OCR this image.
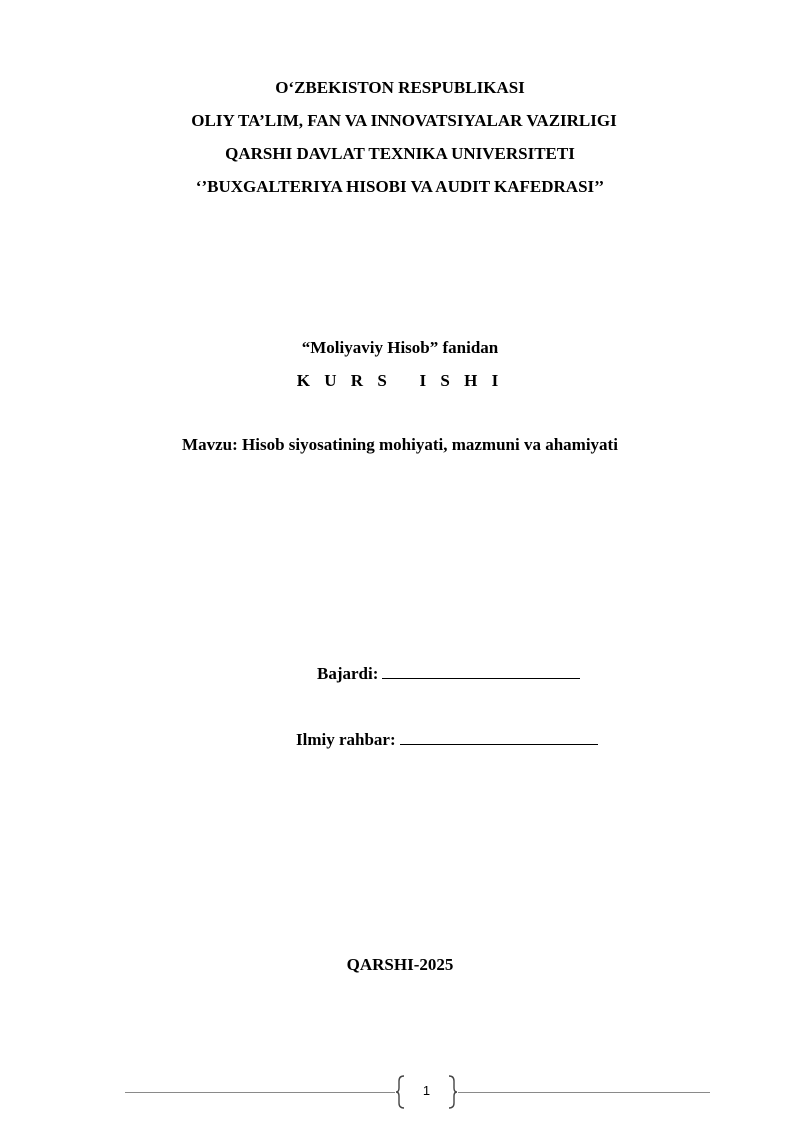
O‘ZBEKISTON RESPUBLIKASI
OLIY TA’LIM, FAN VA INNOVATSIYALAR VAZIRLIGI
QARSHI DAVLAT TEXNIKA UNIVERSITETI
‘’BUXGALTERIYA HISOBI VA AUDIT KAFEDRASI’’
“Moliyaviy Hisob” fanidan
K U R S   I S H I
Mavzu: Hisob siyosatining mohiyati, mazmuni va ahamiyati
Bajardi:
Ilmiy rahbar:
QARSHI-2025
1
